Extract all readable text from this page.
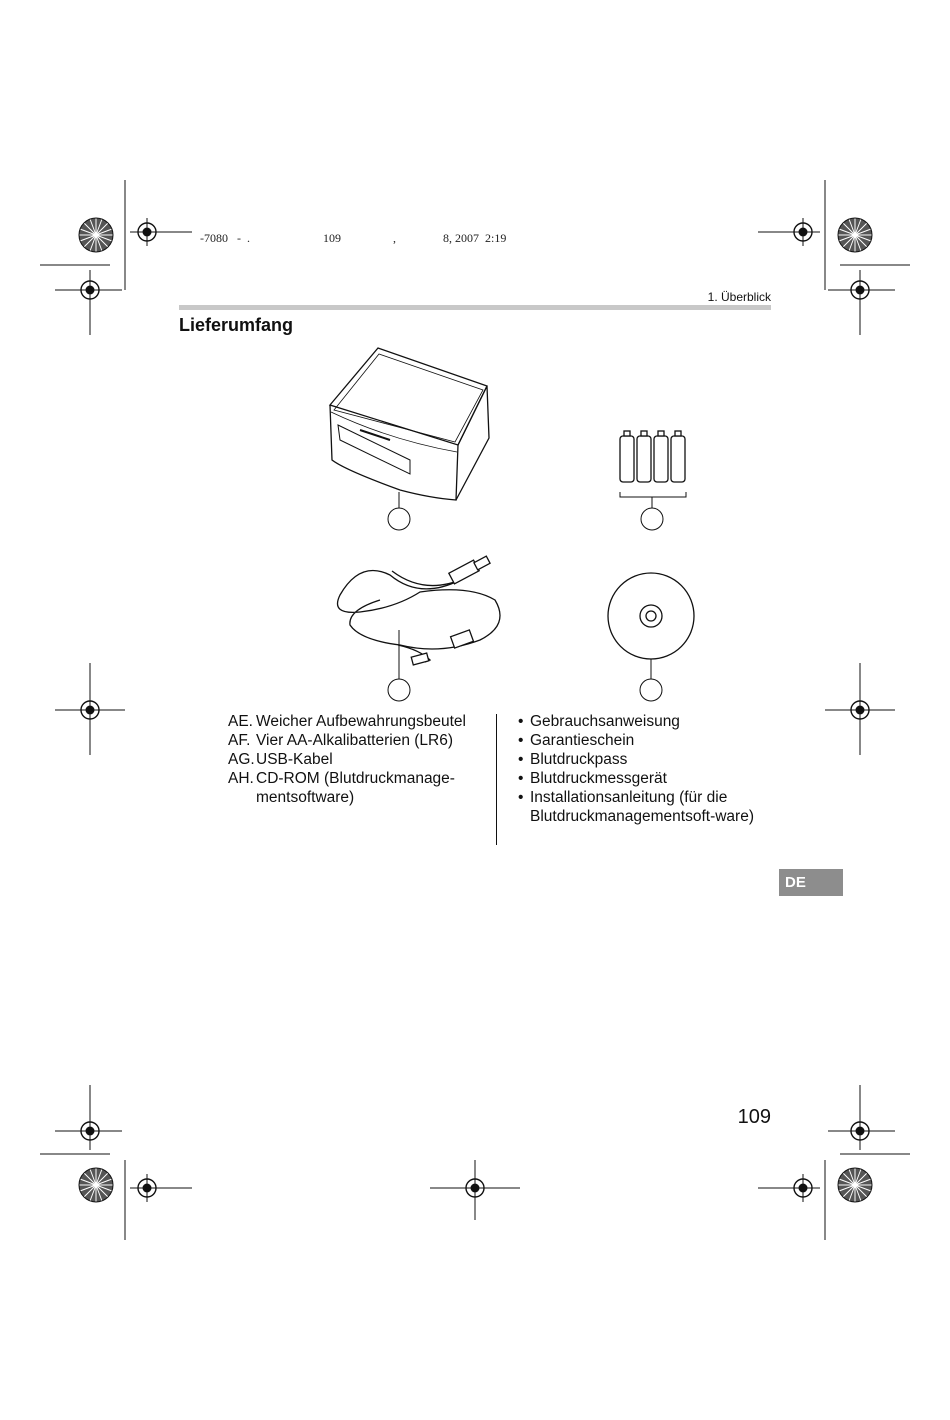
-7080   -  .	109	,	8, 2007  2:19
1. Überblick
Lieferumfang
AE. Weicher Aufbewahrungsbeutel
AF. Vier AA-Alkalibatterien (LR6)
AG. USB-Kabel
AH. CD-ROM (Blutdruckmanage-mentsoftware)
• Gebrauchsanweisung
• Garantieschein
• Blutdruckpass
• Blutdruckmessgerät
• Installationsanleitung (für die Blutdruckmanagementsoft-ware)
DE
109
